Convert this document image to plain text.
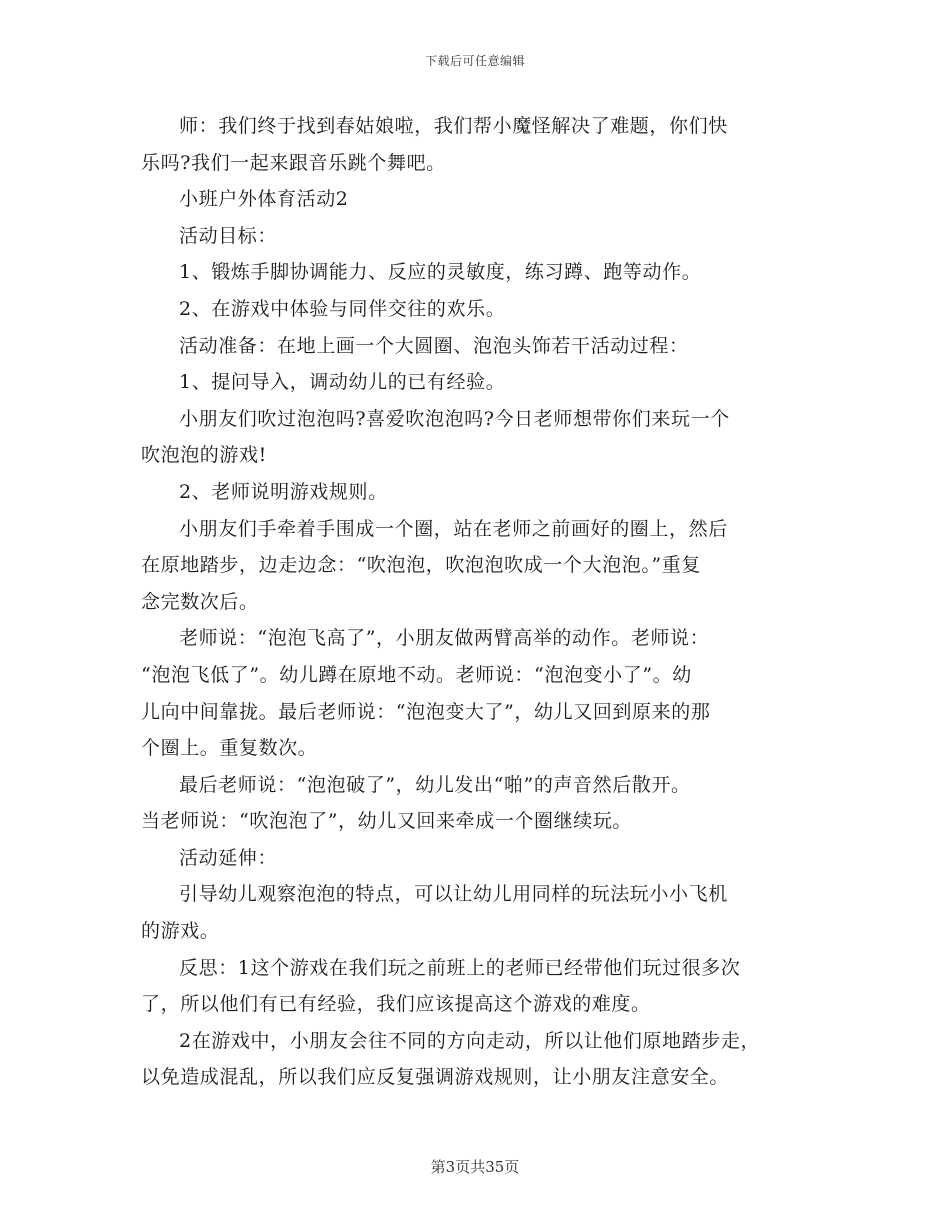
下载后可任意编辑

师：我们终于找到春姑娘啦，我们帮小魔怪解决了难题，你们快

乐吗?我们一起来跟音乐跳个舞吧。

小班户外体育活动2

活动目标：

1、锻炼手脚协调能力、反应的灵敏度，练习蹲、跑等动作。

2、在游戏中体验与同伴交往的欢乐。

活动准备：在地上画一个大圆圈、泡泡头饰若干活动过程：

1、提问导入，调动幼儿的已有经验。

小朋友们吹过泡泡吗?喜爱吹泡泡吗?今日老师想带你们来玩一个

吹泡泡的游戏!

2、老师说明游戏规则。

小朋友们手牵着手围成一个圈，站在老师之前画好的圈上，然后

在原地踏步，边走边念：“吹泡泡，吹泡泡吹成一个大泡泡。”重复

念完数次后。

老师说：“泡泡飞高了”，小朋友做两臂高举的动作。老师说：

“泡泡飞低了”。幼儿蹲在原地不动。老师说：“泡泡变小了”。幼

儿向中间靠拢。最后老师说：“泡泡变大了”，幼儿又回到原来的那

个圈上。重复数次。

最后老师说：“泡泡破了”，幼儿发出“啪”的声音然后散开。

当老师说：“吹泡泡了”，幼儿又回来牵成一个圈继续玩。

活动延伸：

引导幼儿观察泡泡的特点，可以让幼儿用同样的玩法玩小小飞机

的游戏。

反思：1这个游戏在我们玩之前班上的老师已经带他们玩过很多次

了，所以他们有已有经验，我们应该提高这个游戏的难度。

2在游戏中，小朋友会往不同的方向走动，所以让他们原地踏步走，

以免造成混乱，所以我们应反复强调游戏规则，让小朋友注意安全。

第3页共35页
